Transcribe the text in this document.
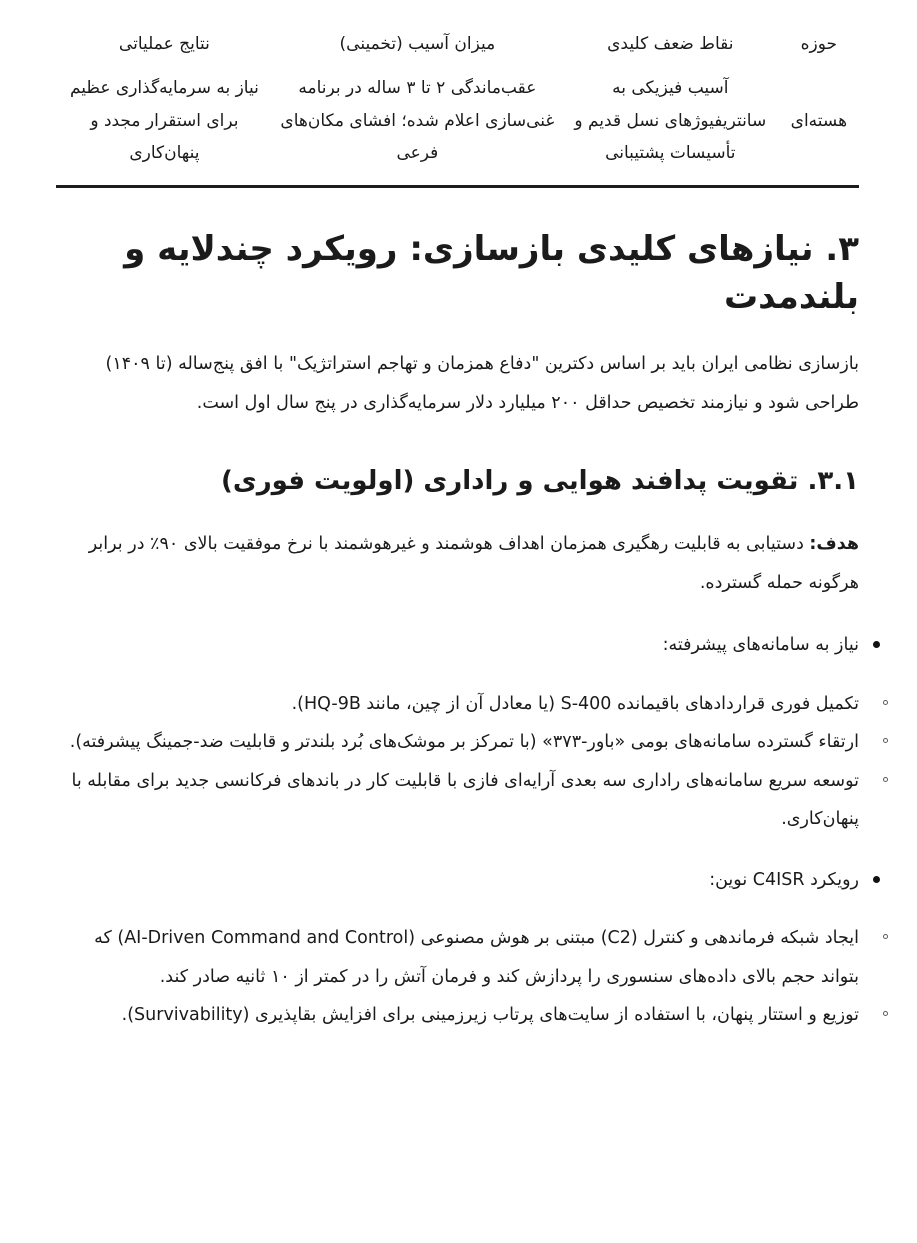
حوزه	نقاط ضعف کلیدی	میزان آسیب (تخمینی)	نتایج عملیاتی
هسته‌ای	آسیب فیزیکی به سانتریفیوژهای نسل قدیم و تأسیسات پشتیبانی	عقب‌ماندگی ۲ تا ۳ ساله در برنامه غنی‌سازی اعلام شده؛ افشای مکان‌های فرعی	نیاز به سرمایه‌گذاری عظیم برای استقرار مجدد و پنهان‌کاری
۳. نیازهای کلیدی بازسازی: رویکرد چندلایه و بلندمدت

بازسازی نظامی ایران باید بر اساس دکترین "دفاع همزمان و تهاجم استراتژیک" با افق پنج‌ساله (تا ۱۴۰۹) طراحی شود و نیازمند تخصیص حداقل ۲۰۰ میلیارد دلار سرمایه‌گذاری در پنج سال اول است.

۳.۱. تقویت پدافند هوایی و راداری (اولویت فوری)

هدف: دستیابی به قابلیت رهگیری همزمان اهداف هوشمند و غیرهوشمند با نرخ موفقیت بالای ۹۰٪ در برابر هرگونه حمله گسترده.

نیاز به سامانه‌های پیشرفته:
تکمیل فوری قراردادهای باقیمانده S-400 (یا معادل آن از چین، مانند HQ-9B).
ارتقاء گسترده سامانه‌های بومی «باور-۳۷۳» (با تمرکز بر موشک‌های بُرد بلندتر و قابلیت ضد-جمینگ پیشرفته).
توسعه سریع سامانه‌های راداری سه بعدی آرایه‌ای فازی با قابلیت کار در باندهای فرکانسی جدید برای مقابله با پنهان‌کاری.
رویکرد C4ISR نوین:
ایجاد شبکه فرماندهی و کنترل (C2) مبتنی بر هوش مصنوعی (AI-Driven Command and Control) که بتواند حجم بالای داده‌های سنسوری را پردازش کند و فرمان آتش را در کمتر از ۱۰ ثانیه صادر کند.
توزیع و استتار پنهان، با استفاده از سایت‌های پرتاب زیرزمینی برای افزایش بقاپذیری (Survivability).
